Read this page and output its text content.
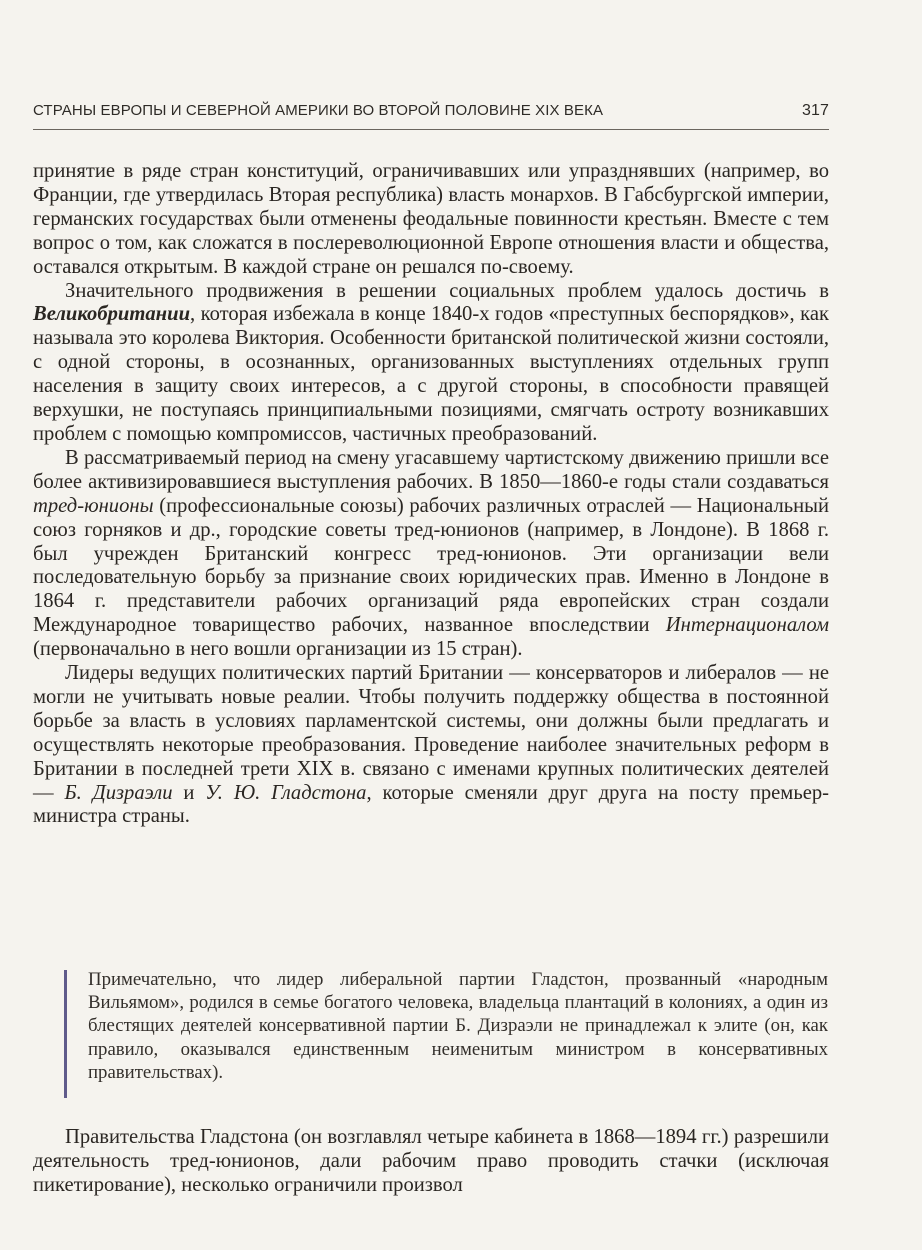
СТРАНЫ ЕВРОПЫ И СЕВЕРНОЙ АМЕРИКИ ВО ВТОРОЙ ПОЛОВИНЕ XIX ВЕКА	317

принятие в ряде стран конституций, ограничивавших или упразднявших (например, во Франции, где утвердилась Вторая республика) власть монархов. В Габсбургской империи, германских государствах были отменены феодальные повинности крестьян. Вместе с тем вопрос о том, как сложатся в послереволюционной Европе отношения власти и общества, оставался открытым. В каждой стране он решался по-своему.

Значительного продвижения в решении социальных проблем удалось достичь в Великобритании, которая избежала в конце 1840-х годов «преступных беспорядков», как называла это королева Виктория. Особенности британской политической жизни состояли, с одной стороны, в осознанных, организованных выступлениях отдельных групп населения в защиту своих интересов, а с другой стороны, в способности правящей верхушки, не поступаясь принципиальными позициями, смягчать остроту возникавших проблем с помощью компромиссов, частичных преобразований.

В рассматриваемый период на смену угасавшему чартистскому движению пришли все более активизировавшиеся выступления рабочих. В 1850—1860-е годы стали создаваться тред-юнионы (профессиональные союзы) рабочих различных отраслей — Национальный союз горняков и др., городские советы тред-юнионов (например, в Лондоне). В 1868 г. был учрежден Британский конгресс тред-юнионов. Эти организации вели последовательную борьбу за признание своих юридических прав. Именно в Лондоне в 1864 г. представители рабочих организаций ряда европейских стран создали Международное товарищество рабочих, названное впоследствии Интернационалом (первоначально в него вошли организации из 15 стран).

Лидеры ведущих политических партий Британии — консерваторов и либералов — не могли не учитывать новые реалии. Чтобы получить поддержку общества в постоянной борьбе за власть в условиях парламентской системы, они должны были предлагать и осуществлять некоторые преобразования. Проведение наиболее значительных реформ в Британии в последней трети XIX в. связано с именами крупных политических деятелей — Б. Дизраэли и У. Ю. Гладстона, которые сменяли друг друга на посту премьер-министра страны.

Примечательно, что лидер либеральной партии Гладстон, прозванный «народным Вильямом», родился в семье богатого человека, владельца плантаций в колониях, а один из блестящих деятелей консервативной партии Б. Дизраэли не принадлежал к элите (он, как правило, оказывался единственным неименитым министром в консервативных правительствах).

Правительства Гладстона (он возглавлял четыре кабинета в 1868—1894 гг.) разрешили деятельность тред-юнионов, дали рабочим право проводить стачки (исключая пикетирование), несколько ограничили произвол
